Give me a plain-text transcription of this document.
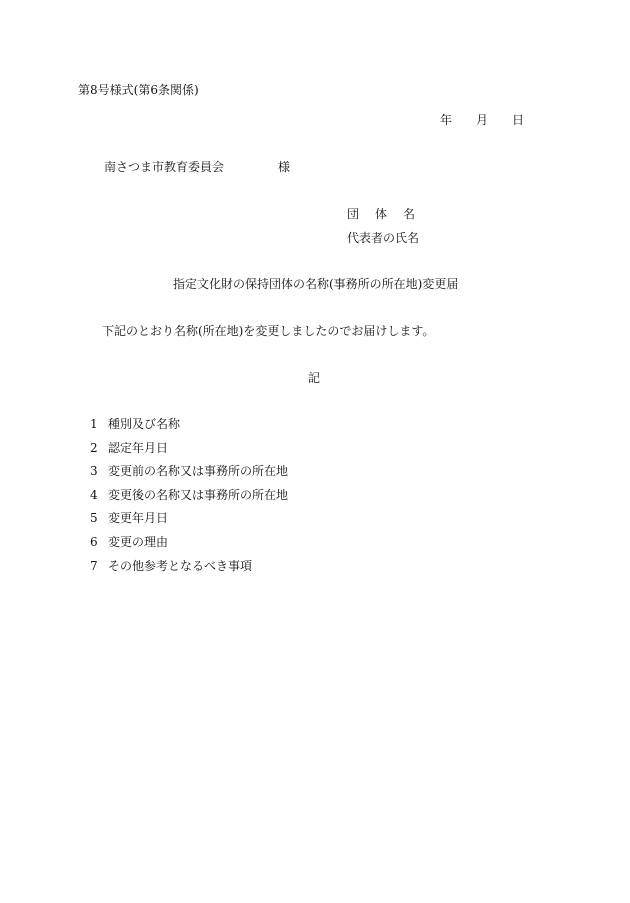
第8号様式(第6条関係)
年 月 日
南さつま市教育委員会	様
団体名
代表者の氏名
指定文化財の保持団体の名称(事務所の所在地)変更届
下記のとおり名称(所在地)を変更しましたのでお届けします。
記
1 種別及び名称
2 認定年月日
3 変更前の名称又は事務所の所在地
4 変更後の名称又は事務所の所在地
5 変更年月日
6 変更の理由
7 その他参考となるべき事項
